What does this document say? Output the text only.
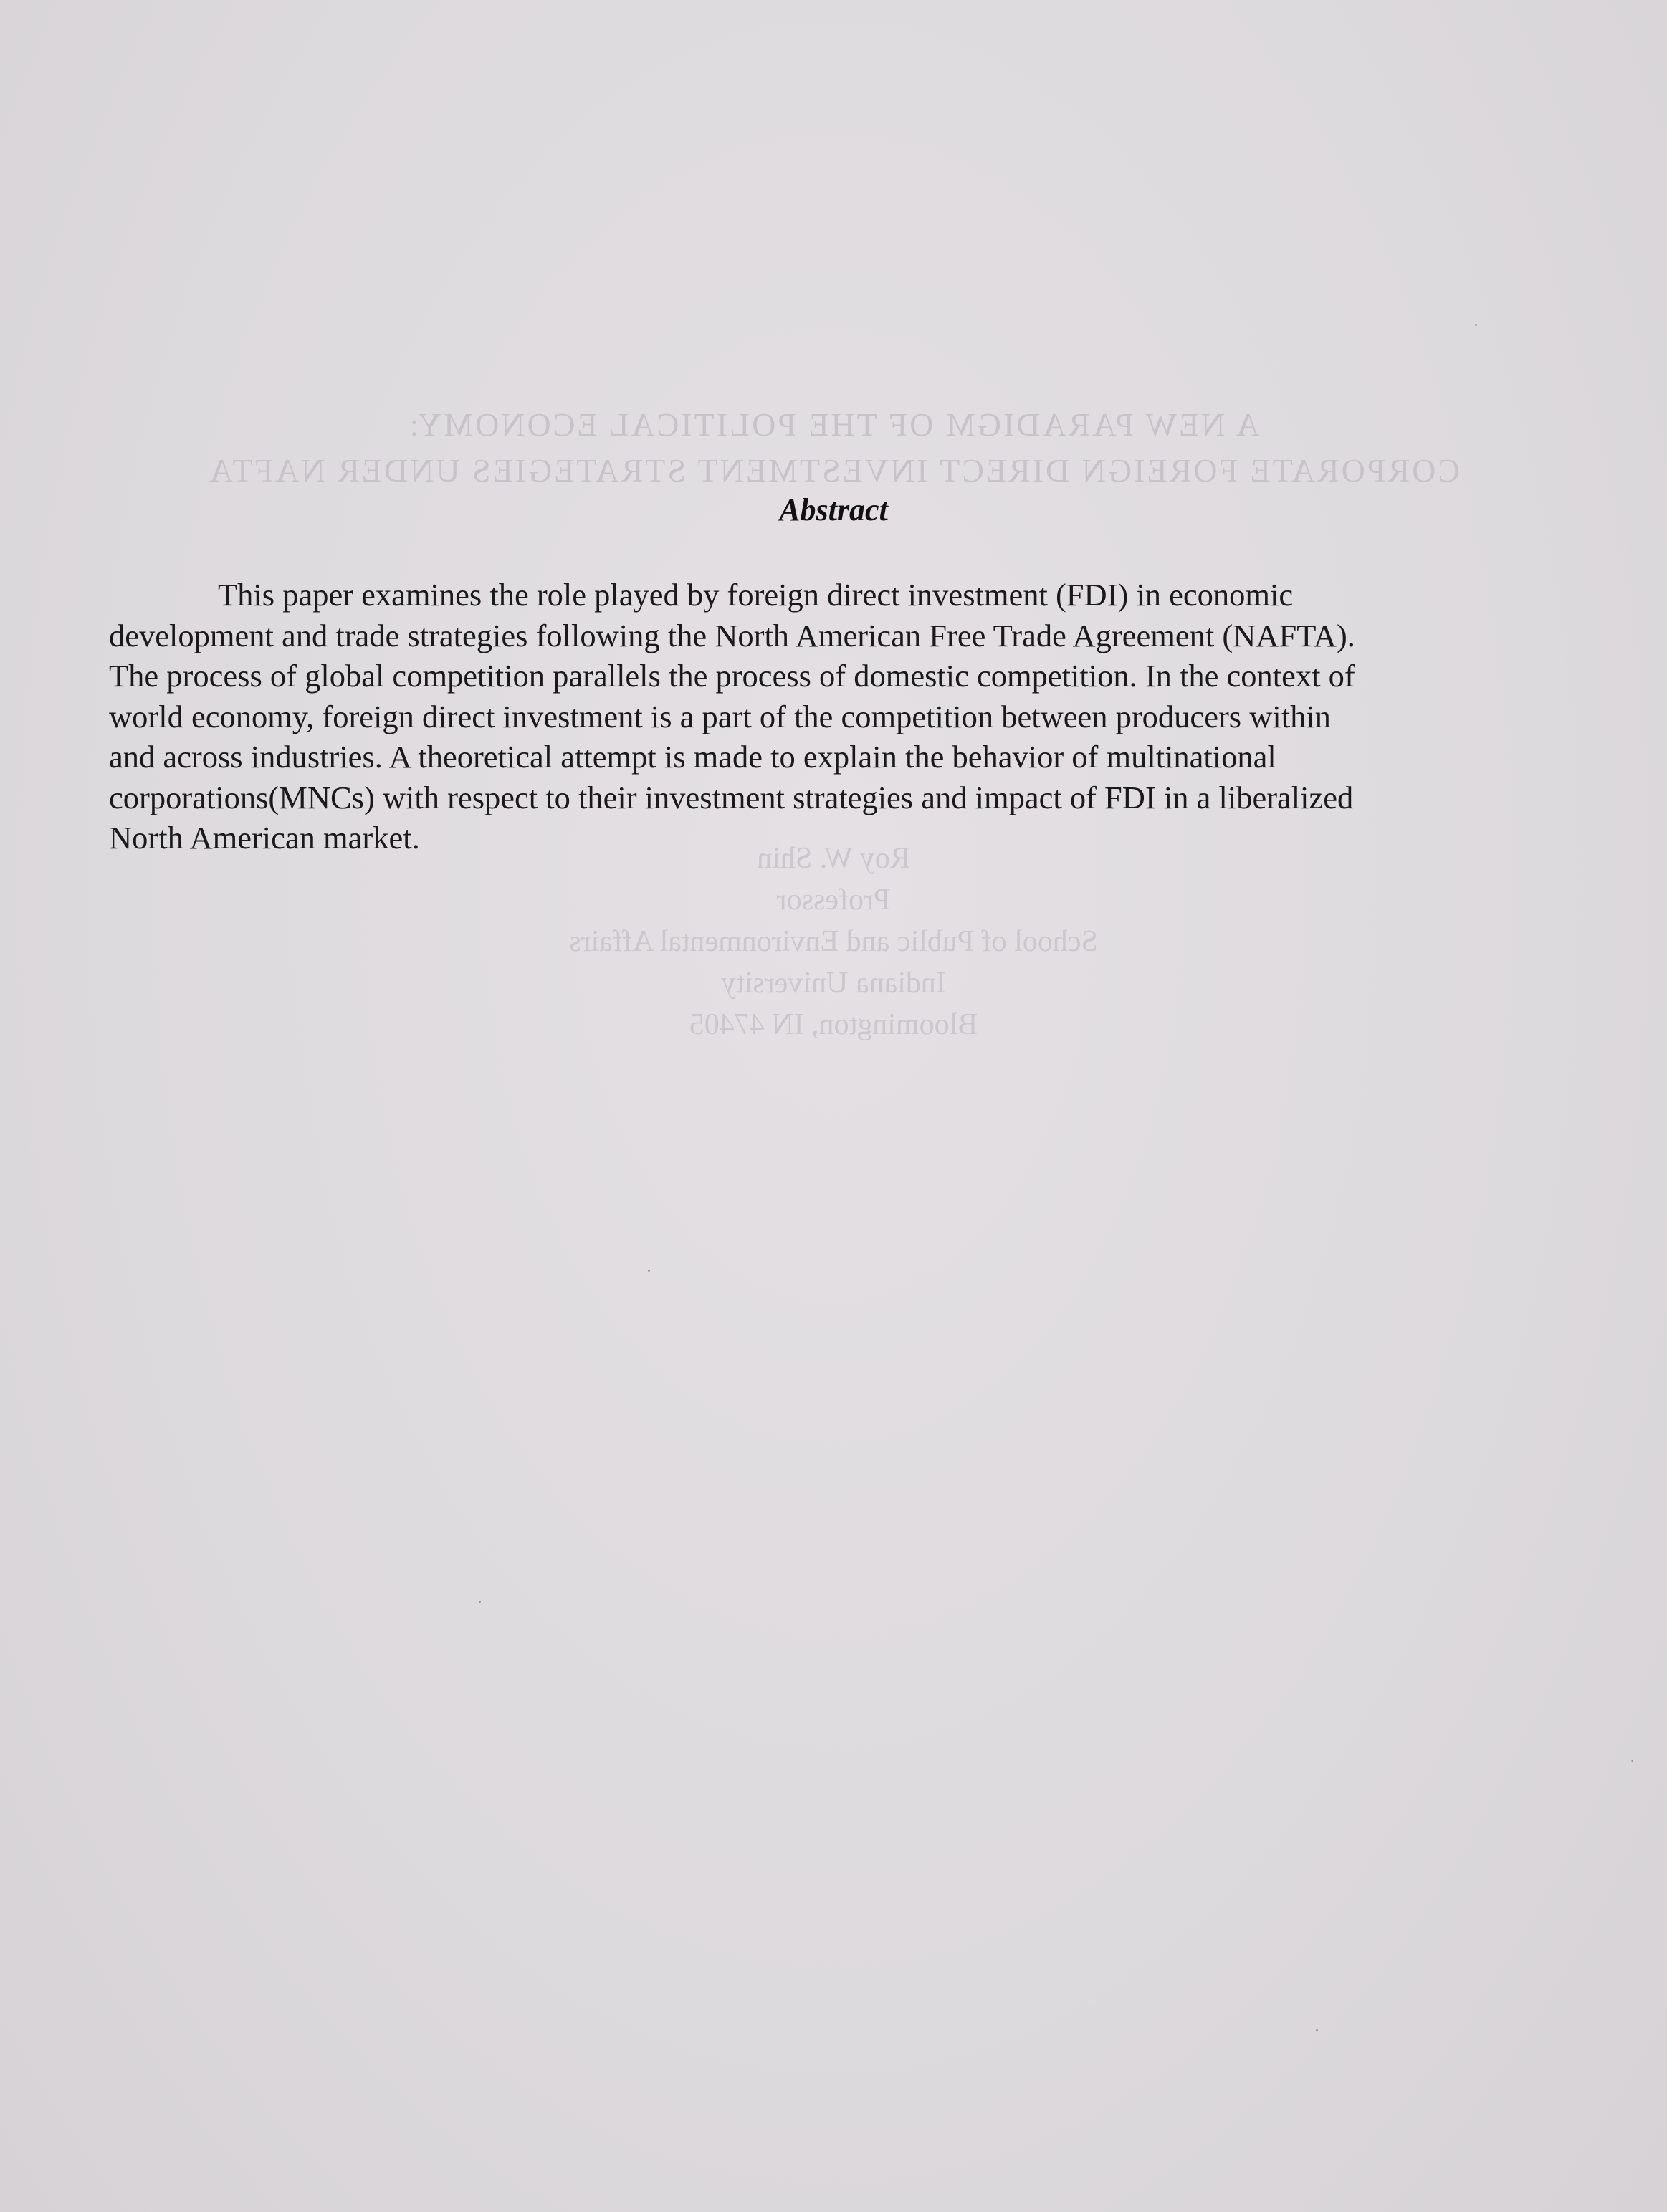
A NEW PARADIGM OF THE POLITICAL ECONOMY:
CORPORATE FOREIGN DIRECT INVESTMENT STRATEGIES UNDER NAFTA
Roy W. Shin
Professor
School of Public and Environmental Affairs
Indiana University
Bloomington, IN 47405
Abstract

This paper examines the role played by foreign direct investment (FDI) in economic
development and trade strategies following the North American Free Trade Agreement (NAFTA).
The process of global competition parallels the process of domestic competition. In the context of
world economy, foreign direct investment is a part of the competition between producers within
and across industries. A theoretical attempt is made to explain the behavior of multinational
corporations(MNCs) with respect to their investment strategies and impact of FDI in a liberalized
North American market.
